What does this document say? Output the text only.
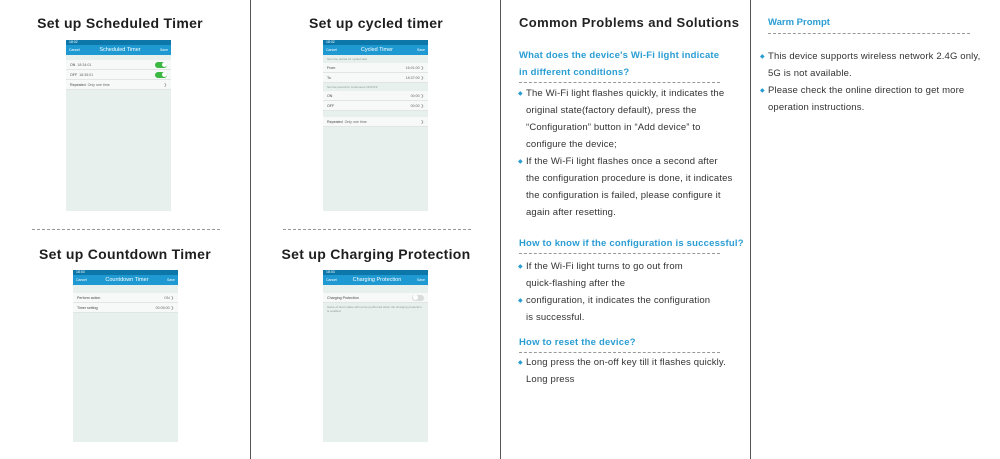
Set up Scheduled Timer
18:02
Cancel	Scheduled Timer	Save
ON 18:34:01
OFF 18:35:01
Repeated Only one time	❯
Set up Countdown Timer
18:03
Cancel	Countdown Timer	Save
Perform action	ON ❯
Timer setting	00:05:00 ❯
Set up cycled timer
18:02
Cancel	Cycled Timer	Save
Set time period for cycled task
From	16:01:00 ❯
To	18:37:00 ❯
Set the period for continuous ON/OFF
ON	00:00 ❯
OFF	00:00 ❯
Repeated Only one time	❯
Set up Charging Protection
18:03
Cancel	Charging Protection	Save
Charging Protection
Some of timer tasks will not be performed when the charging protection is enabled
Common Problems and Solutions
What does the device's Wi-Fi light indicate
in different conditions?
◆ The Wi-Fi light flashes quickly, it indicates the
original state(factory default), press the
“Configuration” button in “Add device” to
configure the device;
◆ If the Wi-Fi light flashes once a second after
the configuration procedure is done, it indicates
the configuration is failed, please configure it
again after resetting.
How to know if the configuration is successful?
◆ If the Wi-Fi light turns to go out from
quick-flashing after the
◆ configuration, it indicates the configuration
is successful.
How to reset the device?
◆ Long press the on-off key till it flashes quickly.
Long press
Warm Prompt
◆ This device supports wireless network 2.4G only,
5G is not available.
◆ Please check the online direction to get more
operation instructions.
